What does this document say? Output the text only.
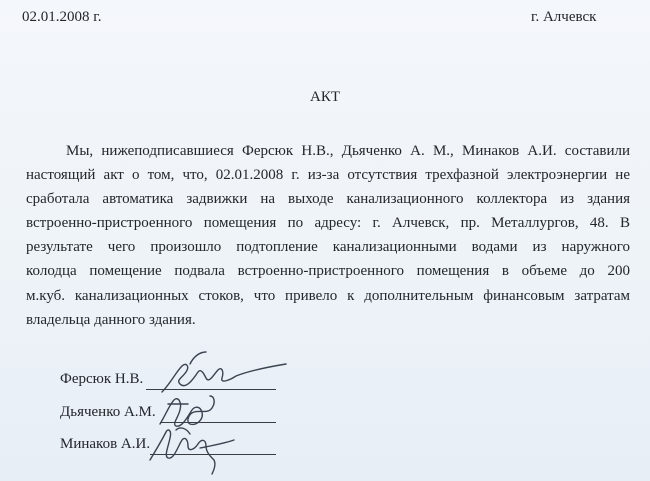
02.01.2008 г.	г. Алчевск
АКТ
Мы, нижеподписавшиеся Ферсюк Н.В., Дьяченко А. М., Минаков А.И. составили
настоящий акт о том, что, 02.01.2008 г. из-за отсутствия трехфазной электроэнергии не
сработала автоматика задвижки на выходе канализационного коллектора из здания
встроенно-пристроенного помещения по адресу: г. Алчевск, пр. Металлургов, 48. В
результате чего произошло подтопление канализационными водами из наружного
колодца помещение подвала встроенно-пристроенного помещения в объеме до 200
м.куб. канализационных стоков, что привело к дополнительным финансовым затратам
владельца данного здания.
Ферсюк Н.В.
Дьяченко А.М.
Минаков А.И.
